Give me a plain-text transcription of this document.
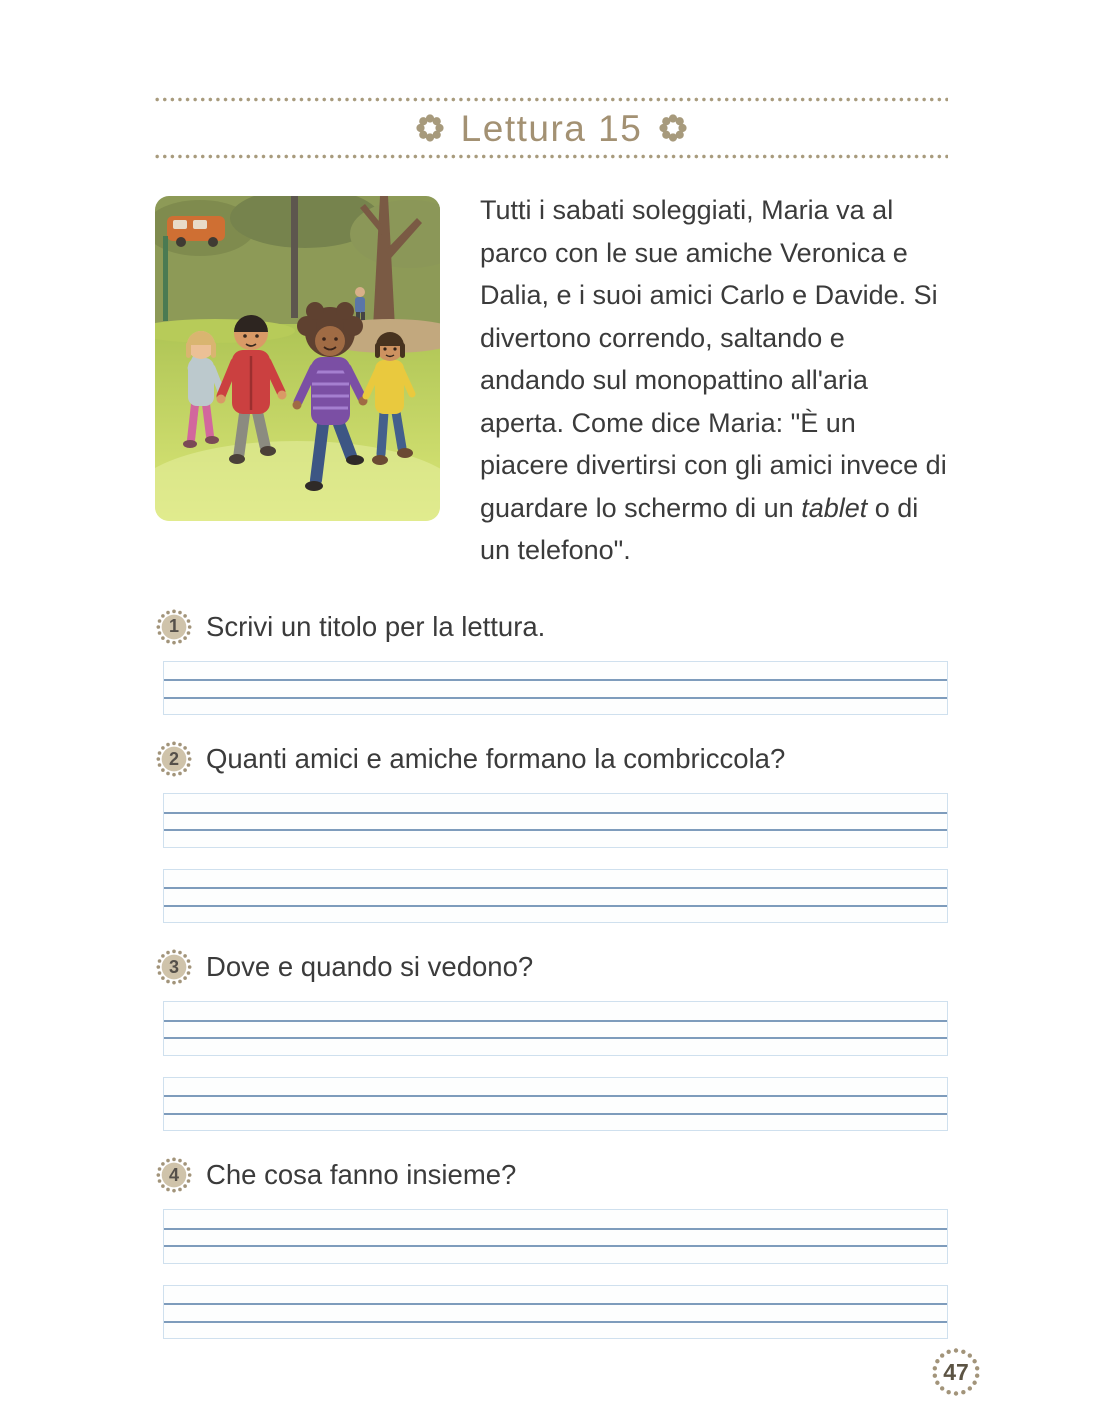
Lettura 15

Tutti i sabati soleggiati, Maria va al parco con le sue amiche Veronica e Dalia, e i suoi amici Carlo e Davide. Si divertono correndo, saltando e andando sul monopattino all'aria aperta. Come dice Maria: "È un piacere divertirsi con gli amici invece di guardare lo schermo di un tablet o di un telefono".

1 Scrivi un titolo per la lettura.
2 Quanti amici e amiche formano la combriccola?
3 Dove e quando si vedono?
4 Che cosa fanno insieme?
47
